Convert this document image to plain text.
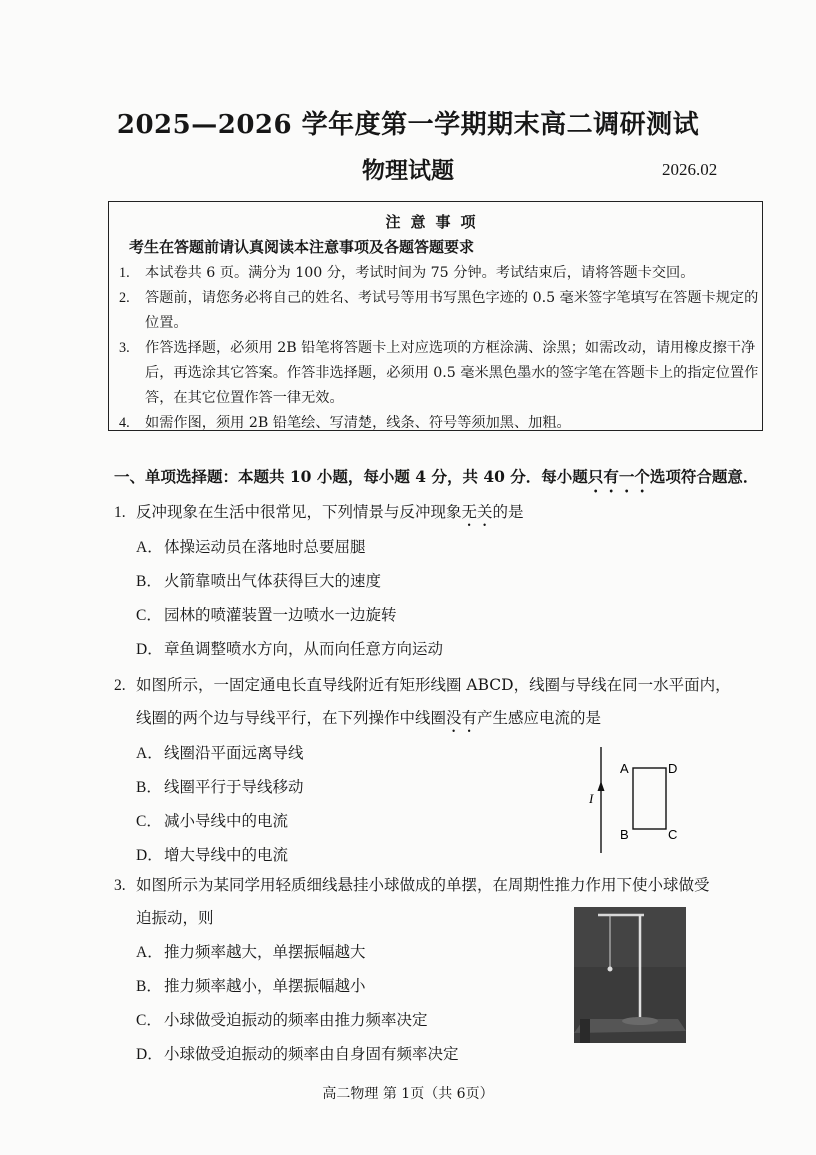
2025—2026 学年度第一学期期末高二调研测试
物理试题	2026.02
注意事项
考生在答题前请认真阅读本注意事项及各题答题要求
1.	本试卷共 6 页。满分为 100 分，考试时间为 75 分钟。考试结束后，请将答题卡交回。
2.	答题前，请您务必将自己的姓名、考试号等用书写黑色字迹的 0.5 毫米签字笔填写在答题卡规定的位置。
3.	作答选择题，必须用 2B 铅笔将答题卡上对应选项的方框涂满、涂黑；如需改动，请用橡皮擦干净后，再选涂其它答案。作答非选择题，必须用 0.5 毫米黑色墨水的签字笔在答题卡上的指定位置作答，在其它位置作答一律无效。
4.	如需作图，须用 2B 铅笔绘、写清楚，线条、符号等须加黑、加粗。
一、单项选择题：本题共 10 小题，每小题 4 分，共 40 分．每小题只有一个选项符合题意．
1. 反冲现象在生活中很常见，下列情景与反冲现象无关的是
A．体操运动员在落地时总要屈腿
B． 火箭靠喷出气体获得巨大的速度
C． 园林的喷灌装置一边喷水一边旋转
D．章鱼调整喷水方向，从而向任意方向运动
2. 如图所示，一固定通电长直导线附近有矩形线圈 ABCD，线圈与导线在同一水平面内，
线圈的两个边与导线平行，在下列操作中线圈没有产生感应电流的是
A．线圈沿平面远离导线
B． 线圈平行于导线移动
C． 减小导线中的电流
D．增大导线中的电流
I
A	D
B	C
3. 如图所示为某同学用轻质细线悬挂小球做成的单摆，在周期性推力作用下使小球做受
迫振动，则
A．推力频率越大，单摆振幅越大
B． 推力频率越小，单摆振幅越小
C． 小球做受迫振动的频率由推力频率决定
D．小球做受迫振动的频率由自身固有频率决定
高二物理 第 1页（共 6页）
